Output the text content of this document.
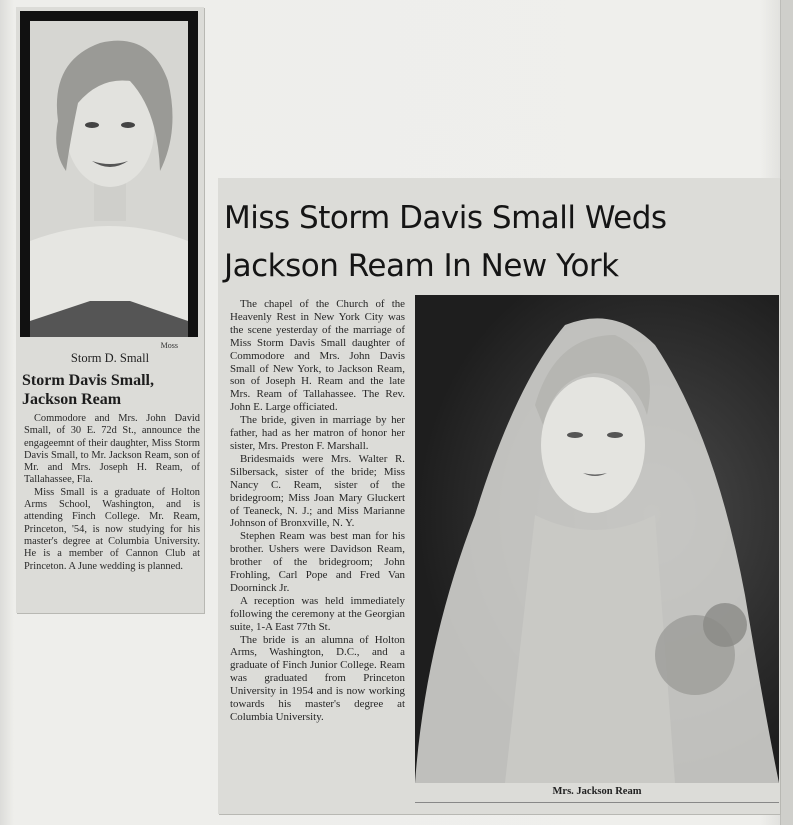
Moss
Storm D. Small
Storm Davis Small,
Jackson Ream

Commodore and Mrs. John David Small, of 30 E. 72d St., announce the engageemnt of their daughter, Miss Storm Davis Small, to Mr. Jackson Ream, son of Mr. and Mrs. Joseph H. Ream, of Tallahassee, Fla.

Miss Small is a graduate of Holton Arms School, Washington, and is attending Finch College. Mr. Ream, Princeton, '54, is now studying for his master's degree at Columbia University. He is a member of Cannon Club at Princeton. A June wedding is planned.

Miss Storm Davis Small Weds
Jackson Ream In New York

The chapel of the Church of the Heavenly Rest in New York City was the scene yesterday of the marriage of Miss Storm Davis Small daughter of Commodore and Mrs. John Davis Small of New York, to Jackson Ream, son of Joseph H. Ream and the late Mrs. Ream of Tallahassee. The Rev. John E. Large officiated.

The bride, given in marriage by her father, had as her matron of honor her sister, Mrs. Preston F. Marshall.

Bridesmaids were Mrs. Walter R. Silbersack, sister of the bride; Miss Nancy C. Ream, sister of the bridegroom; Miss Joan Mary Gluckert of Teaneck, N. J.; and Miss Marianne Johnson of Bronxville, N. Y.

Stephen Ream was best man for his brother. Ushers were Davidson Ream, brother of the bridegroom; John Frohling, Carl Pope and Fred Van Doorninck Jr.

A reception was held immediately following the ceremony at the Georgian suite, 1-A East 77th St.

The bride is an alumna of Holton Arms, Washington, D.C., and a graduate of Finch Junior College. Ream was graduated from Princeton University in 1954 and is now working towards his master's degree at Columbia University.

Mrs. Jackson Ream
